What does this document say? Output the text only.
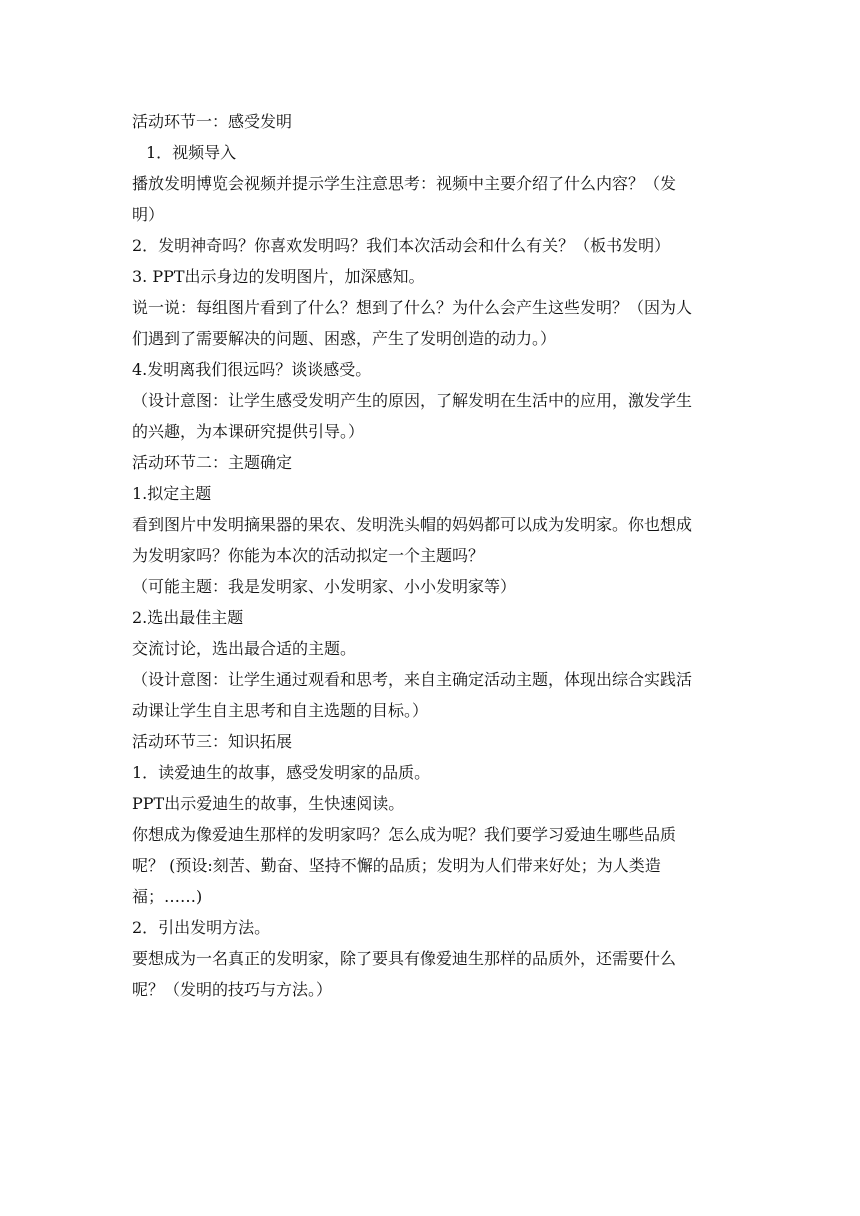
活动环节一：感受发明
1．视频导入
播放发明博览会视频并提示学生注意思考：视频中主要介绍了什么内容？（发
明）
2．发明神奇吗？你喜欢发明吗？我们本次活动会和什么有关？（板书发明）
3. PPT出示身边的发明图片，加深感知。
说一说：每组图片看到了什么？想到了什么？为什么会产生这些发明？（因为人
们遇到了需要解决的问题、困惑，产生了发明创造的动力。）
4.发明离我们很远吗？谈谈感受。
（设计意图：让学生感受发明产生的原因，了解发明在生活中的应用，激发学生
的兴趣，为本课研究提供引导。）
活动环节二：主题确定
1.拟定主题
看到图片中发明摘果器的果农、发明洗头帽的妈妈都可以成为发明家。你也想成
为发明家吗？你能为本次的活动拟定一个主题吗？
（可能主题：我是发明家、小发明家、小小发明家等）
2.选出最佳主题
交流讨论，选出最合适的主题。
（设计意图：让学生通过观看和思考，来自主确定活动主题，体现出综合实践活
动课让学生自主思考和自主选题的目标。）
活动环节三：知识拓展
1．读爱迪生的故事，感受发明家的品质。
PPT出示爱迪生的故事，生快速阅读。
你想成为像爱迪生那样的发明家吗？怎么成为呢？我们要学习爱迪生哪些品质
呢？ (预设:刻苦、勤奋、坚持不懈的品质；发明为人们带来好处；为人类造
福；……)
2．引出发明方法。
要想成为一名真正的发明家，除了要具有像爱迪生那样的品质外，还需要什么
呢？（发明的技巧与方法。）
